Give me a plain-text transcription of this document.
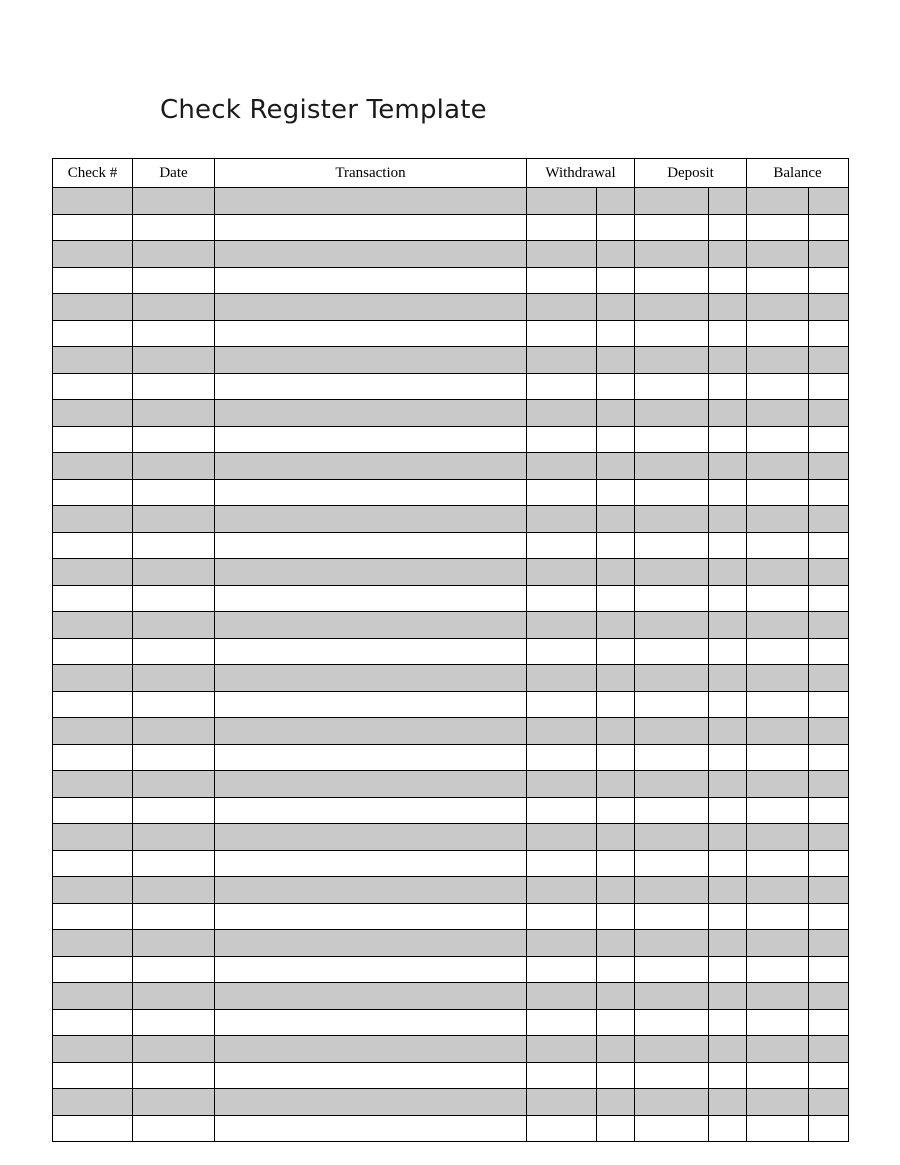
Check Register Template
Check #	Date	Transaction	Withdrawal		Deposit		Balance	
